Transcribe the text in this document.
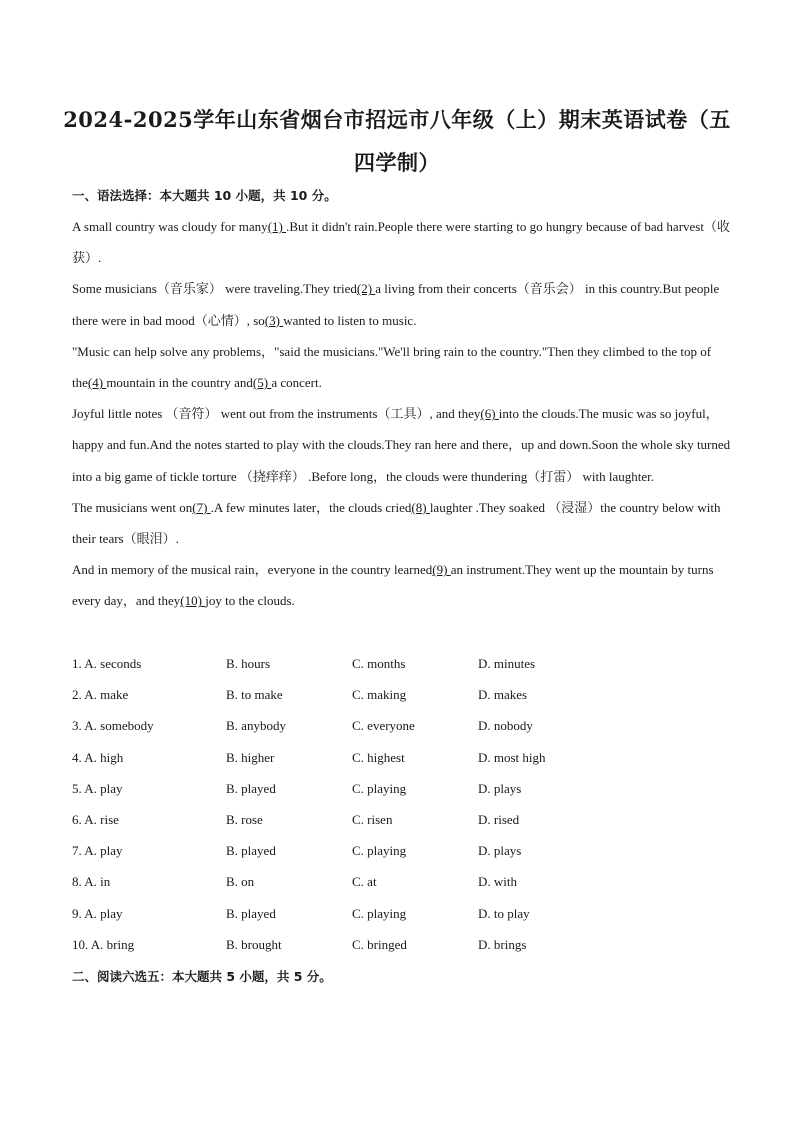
2024-2025学年山东省烟台市招远市八年级（上）期末英语试卷（五
四学制）
一、语法选择：本大题共 10 小题，共 10 分。

A small country was cloudy for many(1) .But it didn't rain.People there were starting to go hungry because of bad harvest（收获）.

Some musicians（音乐家） were traveling.They tried(2) a living from their concerts（音乐会） in this country.But people there were in bad mood（心情）, so(3) wanted to listen to music.

"Music can help solve any problems，"said the musicians."We'll bring rain to the country."Then they climbed to the top of the(4) mountain in the country and(5) a concert.

Joyful little notes （音符） went out from the instruments（工具）, and they(6) into the clouds.The music was so joyful，happy and fun.And the notes started to play with the clouds.They ran here and there，up and down.Soon the whole sky turned into a big game of tickle torture （挠痒痒） .Before long，the clouds were thundering（打雷） with laughter.

The musicians went on(7) .A few minutes later，the clouds cried(8) laughter .They soaked （浸湿）the country below with their tears（眼泪）.

And in memory of the musical rain，everyone in the country learned(9) an instrument.They went up the mountain by turns every day，and they(10) joy to the clouds.

1. A. seconds	B. hours	C. months	D. minutes
2. A. make	B. to make	C. making	D. makes
3. A. somebody	B. anybody	C. everyone	D. nobody
4. A. high	B. higher	C. highest	D. most high
5. A. play	B. played	C. playing	D. plays
6. A. rise	B. rose	C. risen	D. rised
7. A. play	B. played	C. playing	D. plays
8. A. in	B. on	C. at	D. with
9. A. play	B. played	C. playing	D. to play
10. A. bring	B. brought	C. bringed	D. brings
二、阅读六选五：本大题共 5 小题，共 5 分。
